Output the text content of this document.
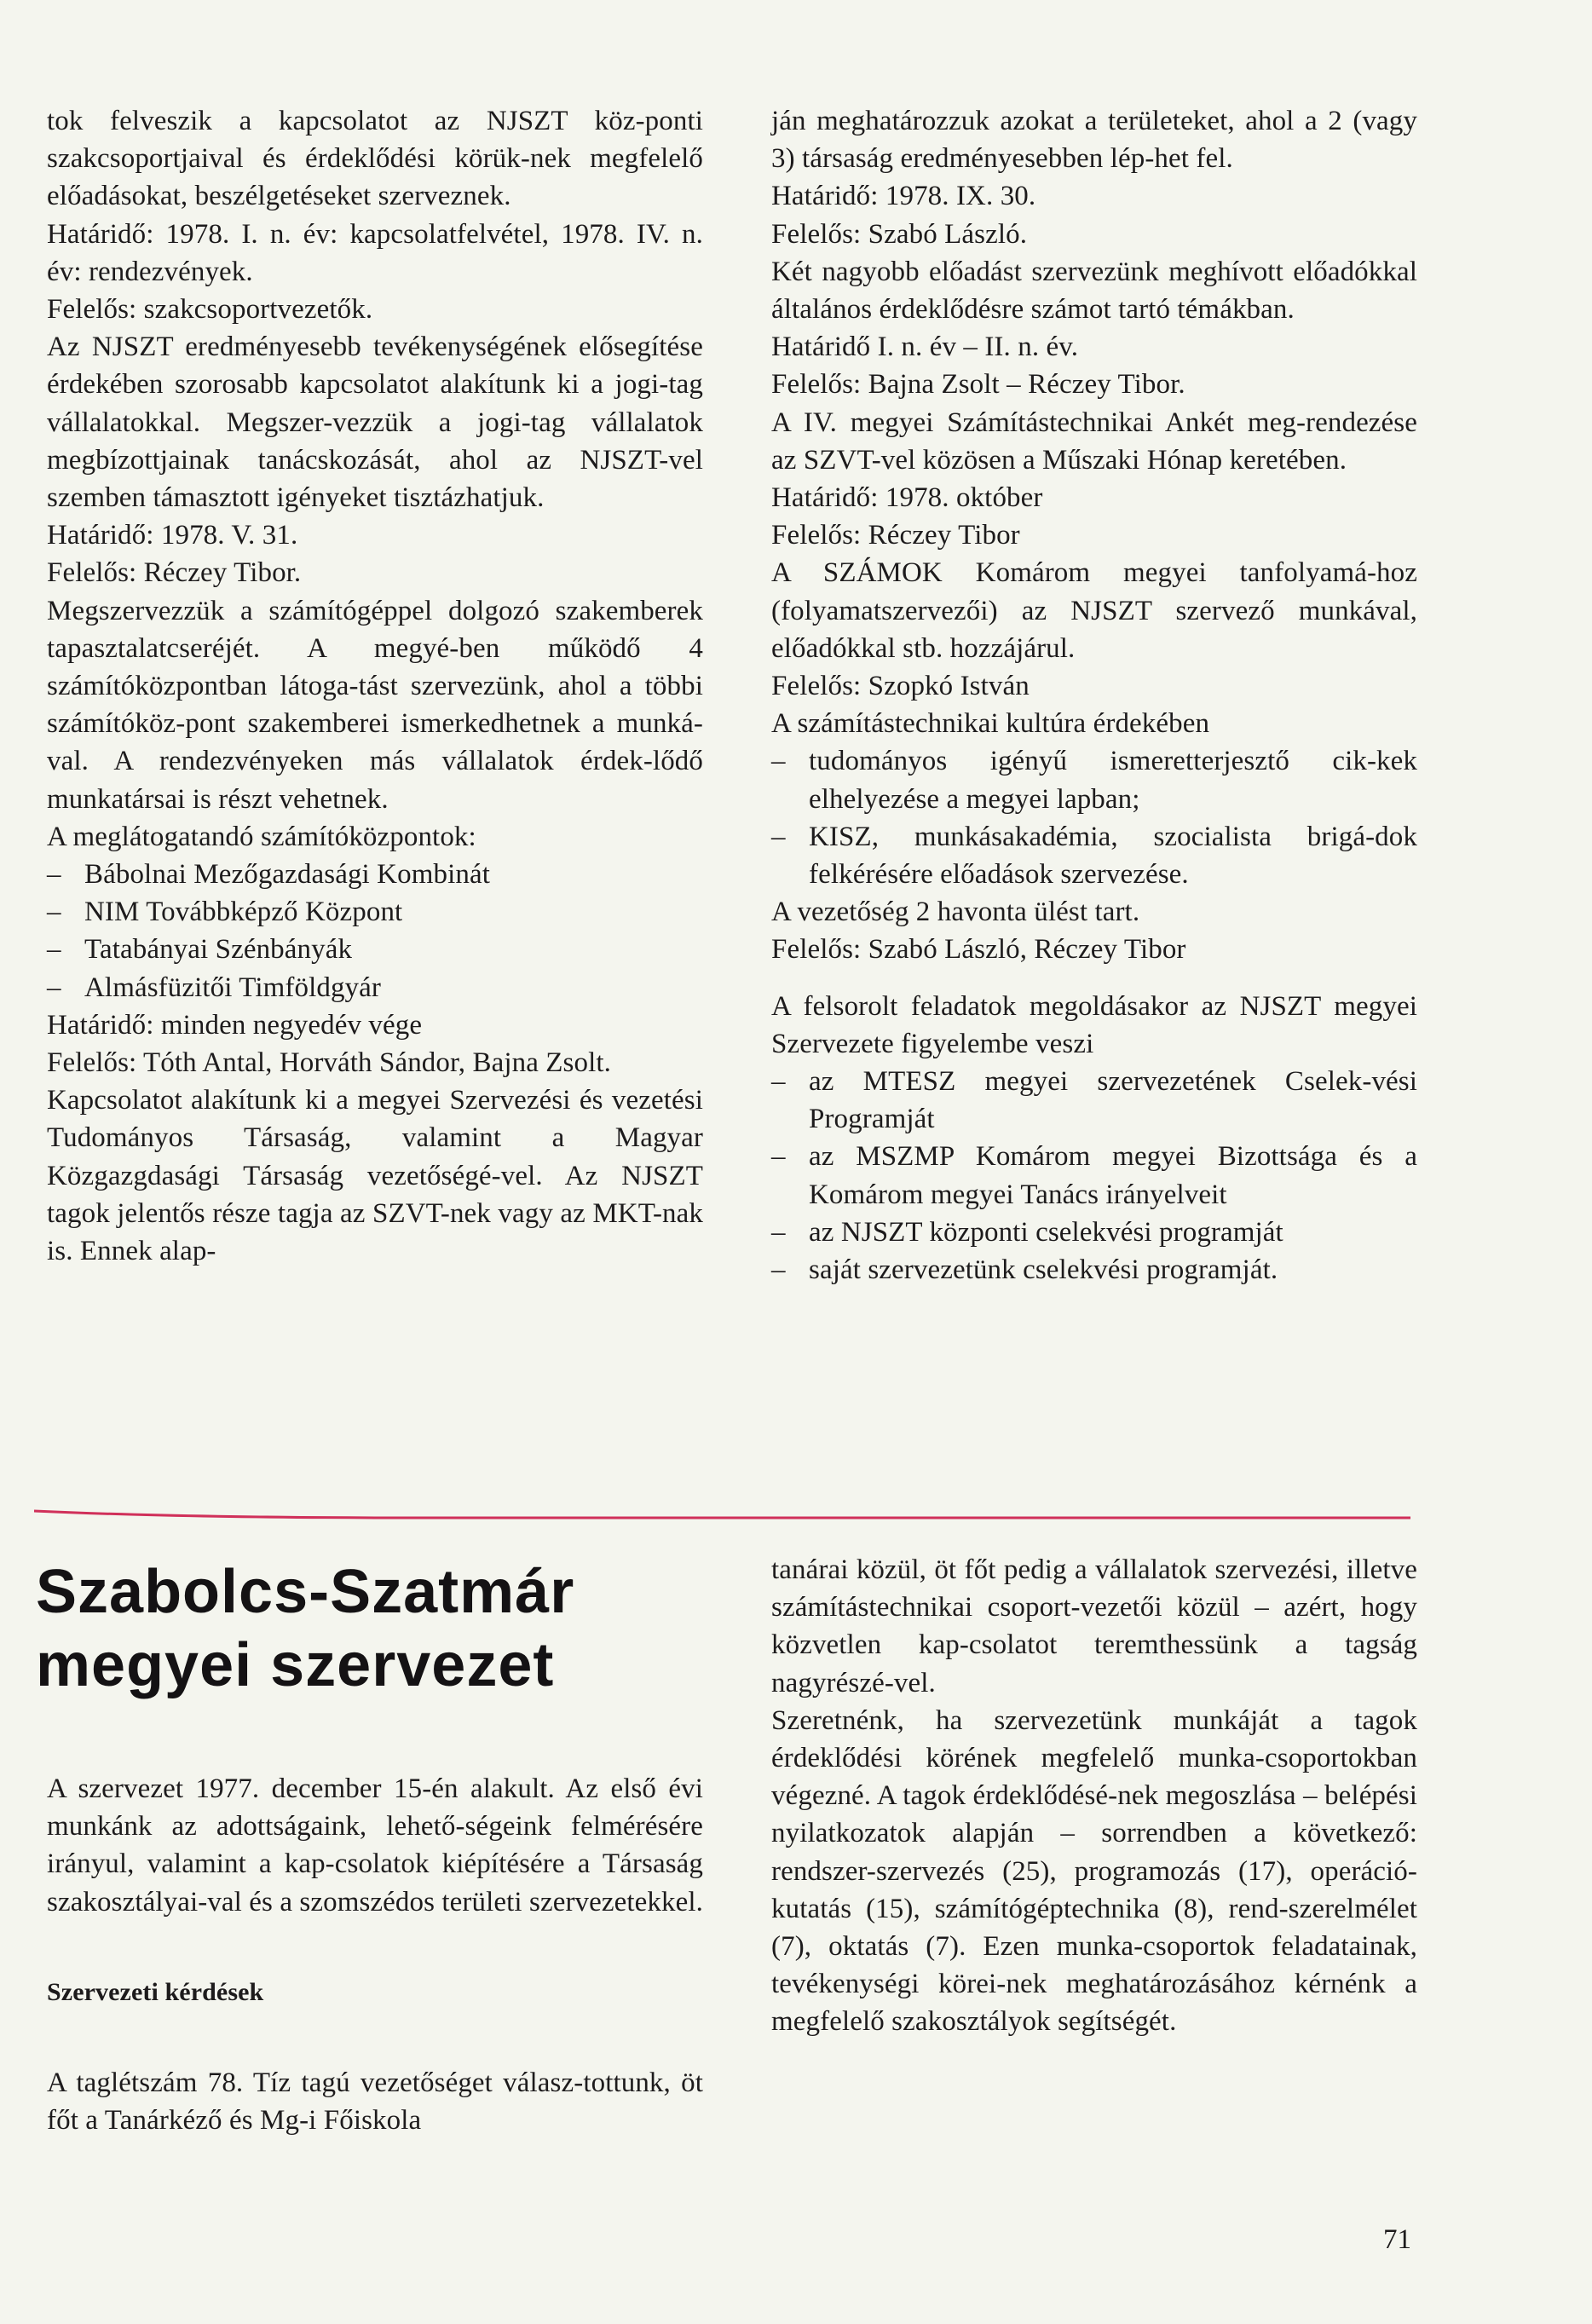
tok felveszik a kapcsolatot az NJSZT köz-ponti szakcsoportjaival és érdeklődési körük-nek megfelelő előadásokat, beszélgetéseket szerveznek.

Határidő: 1978. I. n. év: kapcsolatfelvétel, 1978. IV. n. év: rendezvények.

Felelős: szakcsoportvezetők.

Az NJSZT eredményesebb tevékenységének elősegítése érdekében szorosabb kapcsolatot alakítunk ki a jogi-tag vállalatokkal. Megszer-vezzük a jogi-tag vállalatok megbízottjainak tanácskozását, ahol az NJSZT-vel szemben támasztott igényeket tisztázhatjuk.

Határidő: 1978. V. 31.

Felelős: Réczey Tibor.

Megszervezzük a számítógéppel dolgozó szakemberek tapasztalatcseréjét. A megyé-ben működő 4 számítóközpontban látoga-tást szervezünk, ahol a többi számítóköz-pont szakemberei ismerkedhetnek a munká-val. A rendezvényeken más vállalatok érdek-lődő munkatársai is részt vehetnek.

A meglátogatandó számítóközpontok:

– Bábolnai Mezőgazdasági Kombinát
– NIM Továbbképző Központ
– Tatabányai Szénbányák
– Almásfüzitői Timföldgyár

Határidő: minden negyedév vége

Felelős: Tóth Antal, Horváth Sándor, Bajna Zsolt.

Kapcsolatot alakítunk ki a megyei Szervezési és vezetési Tudományos Társaság, valamint a Magyar Közgazgdasági Társaság vezetőségé-vel. Az NJSZT tagok jelentős része tagja az SZVT-nek vagy az MKT-nak is. Ennek alap-

ján meghatározzuk azokat a területeket, ahol a 2 (vagy 3) társaság eredményesebben lép-het fel.

Határidő: 1978. IX. 30.

Felelős: Szabó László.

Két nagyobb előadást szervezünk meghívott előadókkal általános érdeklődésre számot tartó témákban.

Határidő I. n. év – II. n. év.

Felelős: Bajna Zsolt – Réczey Tibor.

A IV. megyei Számítástechnikai Ankét meg-rendezése az SZVT-vel közösen a Műszaki Hónap keretében.

Határidő: 1978. október

Felelős: Réczey Tibor

A SZÁMOK Komárom megyei tanfolyamá-hoz (folyamatszervezői) az NJSZT szervező munkával, előadókkal stb. hozzájárul.

Felelős: Szopkó István

A számítástechnikai kultúra érdekében

– tudományos igényű ismeretterjesztő cik-kek elhelyezése a megyei lapban;
– KISZ, munkásakadémia, szocialista brigá-dok felkérésére előadások szervezése.

A vezetőség 2 havonta ülést tart.

Felelős: Szabó László, Réczey Tibor

A felsorolt feladatok megoldásakor az NJSZT megyei Szervezete figyelembe veszi

– az MTESZ megyei szervezetének Cselek-vési Programját
– az MSZMP Komárom megyei Bizottsága és a Komárom megyei Tanács irányelveit
– az NJSZT központi cselekvési programját
– saját szervezetünk cselekvési programját.
Szabolcs-Szatmár
megyei szervezet

A szervezet 1977. december 15-én alakult. Az első évi munkánk az adottságaink, lehető-ségeink felmérésére irányul, valamint a kap-csolatok kiépítésére a Társaság szakosztályai-val és a szomszédos területi szervezetekkel.

Szervezeti kérdések

A taglétszám 78. Tíz tagú vezetőséget válasz-tottunk, öt főt a Tanárkéző és Mg-i Főiskola

tanárai közül, öt főt pedig a vállalatok szervezési, illetve számítástechnikai csoport-vezetői közül – azért, hogy közvetlen kap-csolatot teremthessünk a tagság nagyrészé-vel.

Szeretnénk, ha szervezetünk munkáját a tagok érdeklődési körének megfelelő munka-csoportokban végezné. A tagok érdeklődésé-nek megoszlása – belépési nyilatkozatok alapján – sorrendben a következő: rendszer-szervezés (25), programozás (17), operáció-kutatás (15), számítógéptechnika (8), rend-szerelmélet (7), oktatás (7). Ezen munka-csoportok feladatainak, tevékenységi körei-nek meghatározásához kérnénk a megfelelő szakosztályok segítségét.

71
